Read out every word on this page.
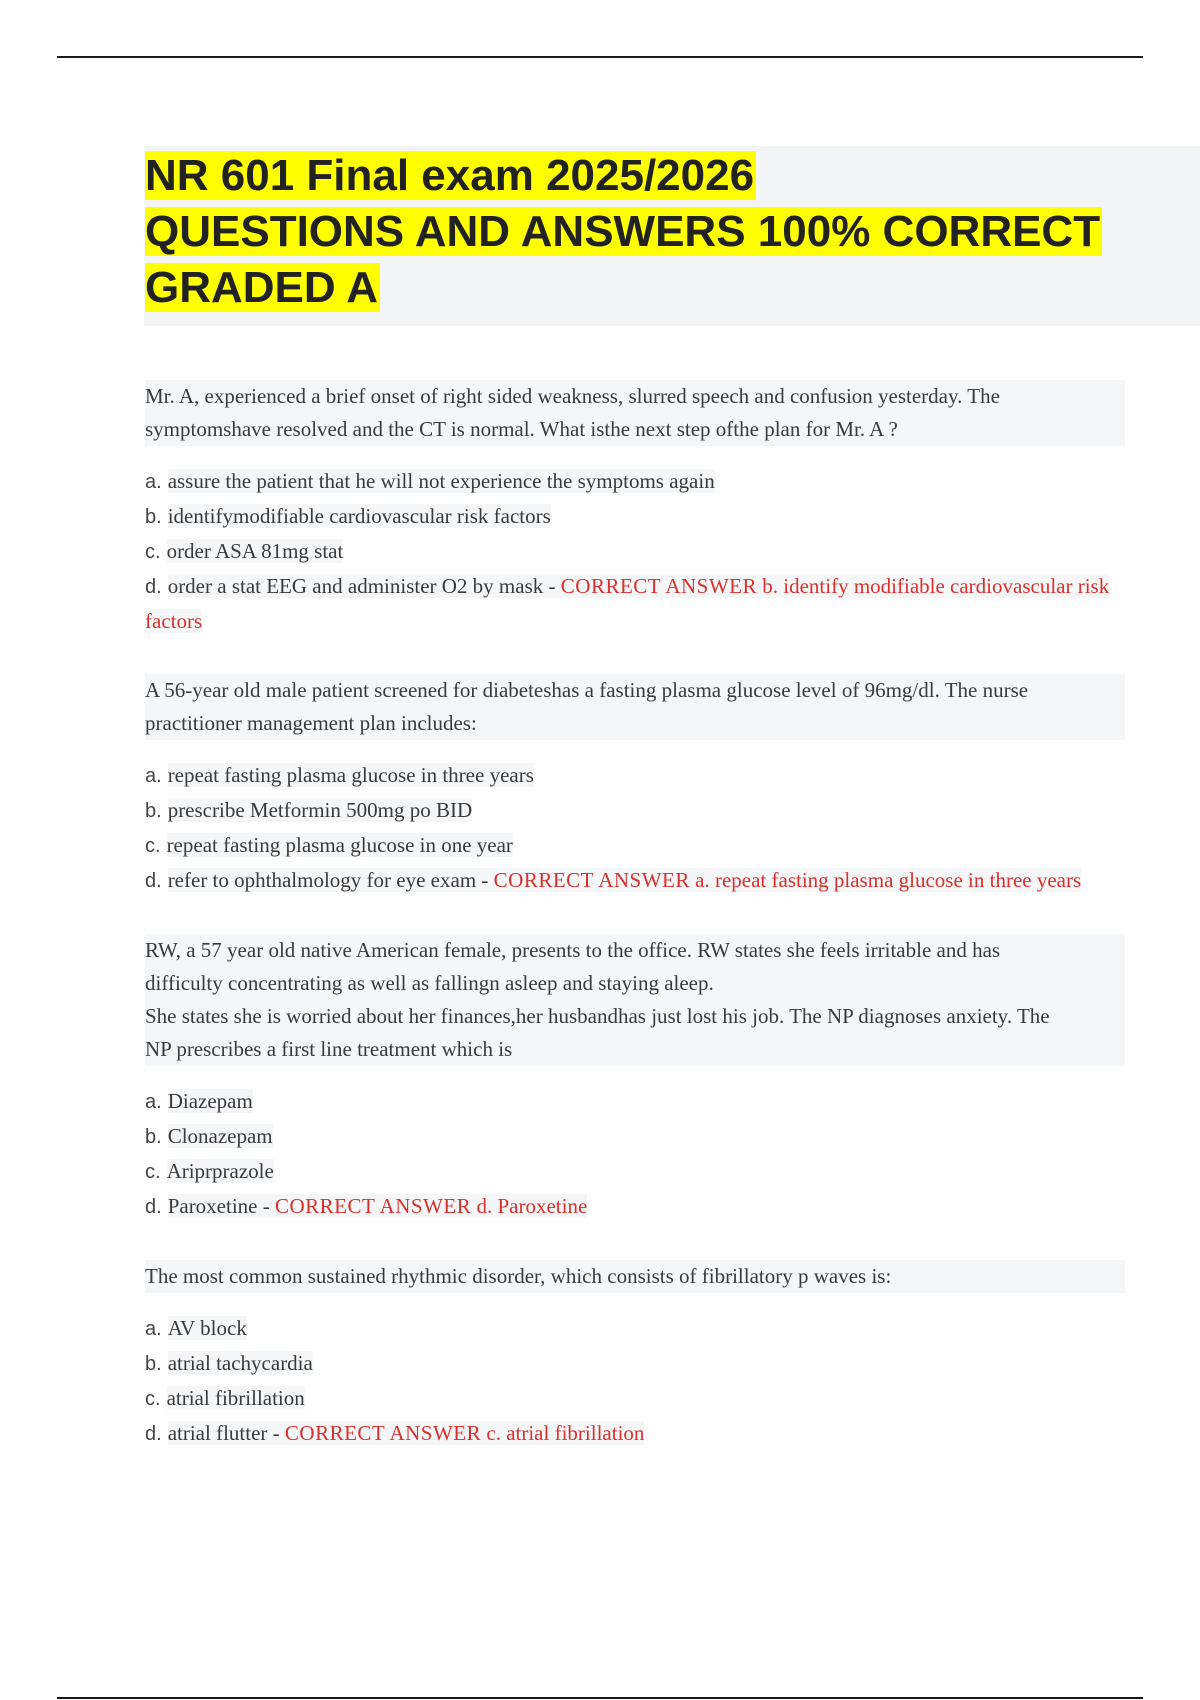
NR 601 Final exam 2025/2026
QUESTIONS AND ANSWERS 100% CORRECT
GRADED A

Mr. A, experienced a brief onset of right sided weakness, slurred speech and confusion yesterday. The
symptomshave resolved and the CT is normal. What isthe next step ofthe plan for Mr. A ?

a. assure the patient that he will not experience the symptoms again
b. identifymodifiable cardiovascular risk factors
c. order ASA 81mg stat
d. order a stat EEG and administer O2 by mask - CORRECT ANSWER b. identify modifiable cardiovascular risk factors

A 56-year old male patient screened for diabeteshas a fasting plasma glucose level of 96mg/dl. The nurse
practitioner management plan includes:

a. repeat fasting plasma glucose in three years
b. prescribe Metformin 500mg po BID
c. repeat fasting plasma glucose in one year
d. refer to ophthalmology for eye exam - CORRECT ANSWER a. repeat fasting plasma glucose in three years

RW, a 57 year old native American female, presents to the office. RW states she feels irritable and has
difficulty concentrating as well as fallingn asleep and staying aleep.
She states she is worried about her finances,her husbandhas just lost his job. The NP diagnoses anxiety. The
NP prescribes a first line treatment which is

a. Diazepam
b. Clonazepam
c. Ariprprazole
d. Paroxetine - CORRECT ANSWER d. Paroxetine

The most common sustained rhythmic disorder, which consists of fibrillatory p waves is:

a. AV block
b. atrial tachycardia
c. atrial fibrillation
d. atrial flutter - CORRECT ANSWER c. atrial fibrillation
